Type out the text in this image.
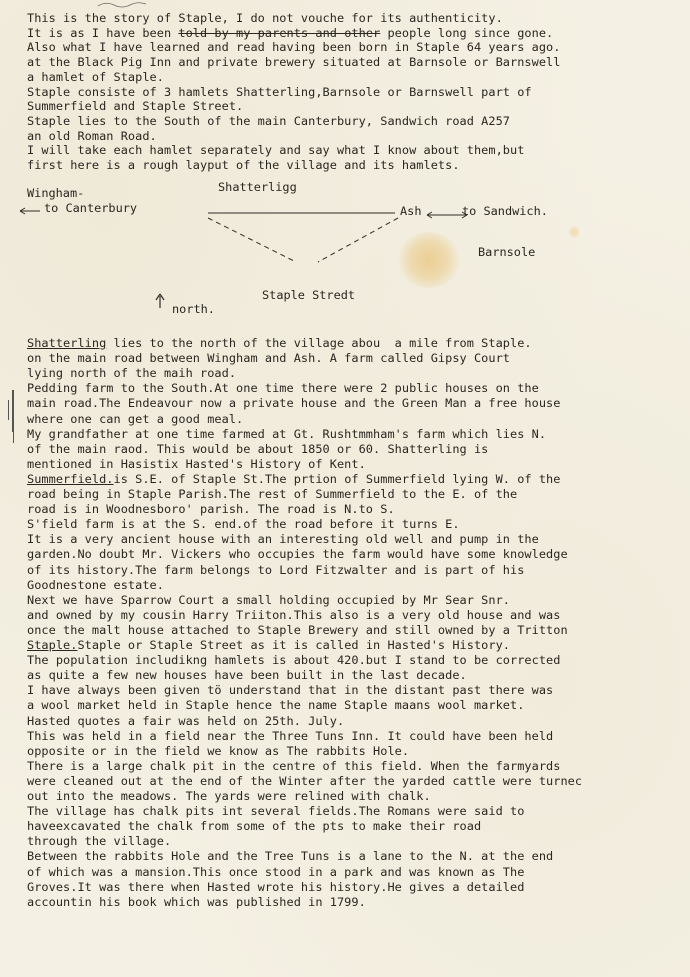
This is the story of Staple, I do not vouche for its authenticity.
It is as I have been told by my parents and other people long since gone.
Also what I have learned and read having been born in Staple 64 years ago.
at the Black Pig Inn and private brewery situated at Barnsole or Barnswell
a hamlet of Staple.
Staple consiste of 3 hamlets Shatterling,Barnsole or Barnswell part of
Summerfield and Staple Street.
Staple lies to the South of the main Canterbury, Sandwich road A257
an old Roman Road.
I will take each hamlet separately and say what I know about them,but
first here is a rough layput of the village and its hamlets.
Shatterligg
Wingham-
to Canterbury	Ash	to Sandwich.
Barnsole
Staple Stredt
north.
Shatterling lies to the north of the village abou  a mile from Staple.
on the main road between Wingham and Ash. A farm called Gipsy Court
lying north of the maih road.
Pedding farm to the South.At one time there were 2 public houses on the
main road.The Endeavour now a private house and the Green Man a free house
where one can get a good meal.
My grandfather at one time farmed at Gt. Rushtmmham's farm which lies N.
of the main raod. This would be about 1850 or 60. Shatterling is
mentioned in Hasistix Hasted's History of Kent.
Summerfield.is S.E. of Staple St.The prtion of Summerfield lying W. of the
road being in Staple Parish.The rest of Summerfield to the E. of the
road is in Woodnesboro' parish. The road is N.to S.
S'field farm is at the S. end.of the road before it turns E.
It is a very ancient house with an interesting old well and pump in the
garden.No doubt Mr. Vickers who occupies the farm would have some knowledge
of its history.The farm belongs to Lord Fitzwalter and is part of his
Goodnestone estate.
Next we have Sparrow Court a small holding occupied by Mr Sear Snr.
and owned by my cousin Harry Triiton.This also is a very old house and was
once the malt house attached to Staple Brewery and still owned by a Tritton
Staple.Staple or Staple Street as it is called in Hasted's History.
The population includikng hamlets is about 420.but I stand to be corrected
as quite a few new houses have been built in the last decade.
I have always been given tö understand that in the distant past there was
a wool market held in Staple hence the name Staple maans wool market.
Hasted quotes a fair was held on 25th. July.
This was held in a field near the Three Tuns Inn. It could have been held
opposite or in the field we know as The rabbits Hole.
There is a large chalk pit in the centre of this field. When the farmyards
were cleaned out at the end of the Winter after the yarded cattle were turnec
out into the meadows. The yards were relined with chalk.
The village has chalk pits int several fields.The Romans were said to
haveexcavated the chalk from some of the pts to make their road
through the village.
Between the rabbits Hole and the Tree Tuns is a lane to the N. at the end
of which was a mansion.This once stood in a park and was known as The
Groves.It was there when Hasted wrote his history.He gives a detailed
accountin his book which was published in 1799.
